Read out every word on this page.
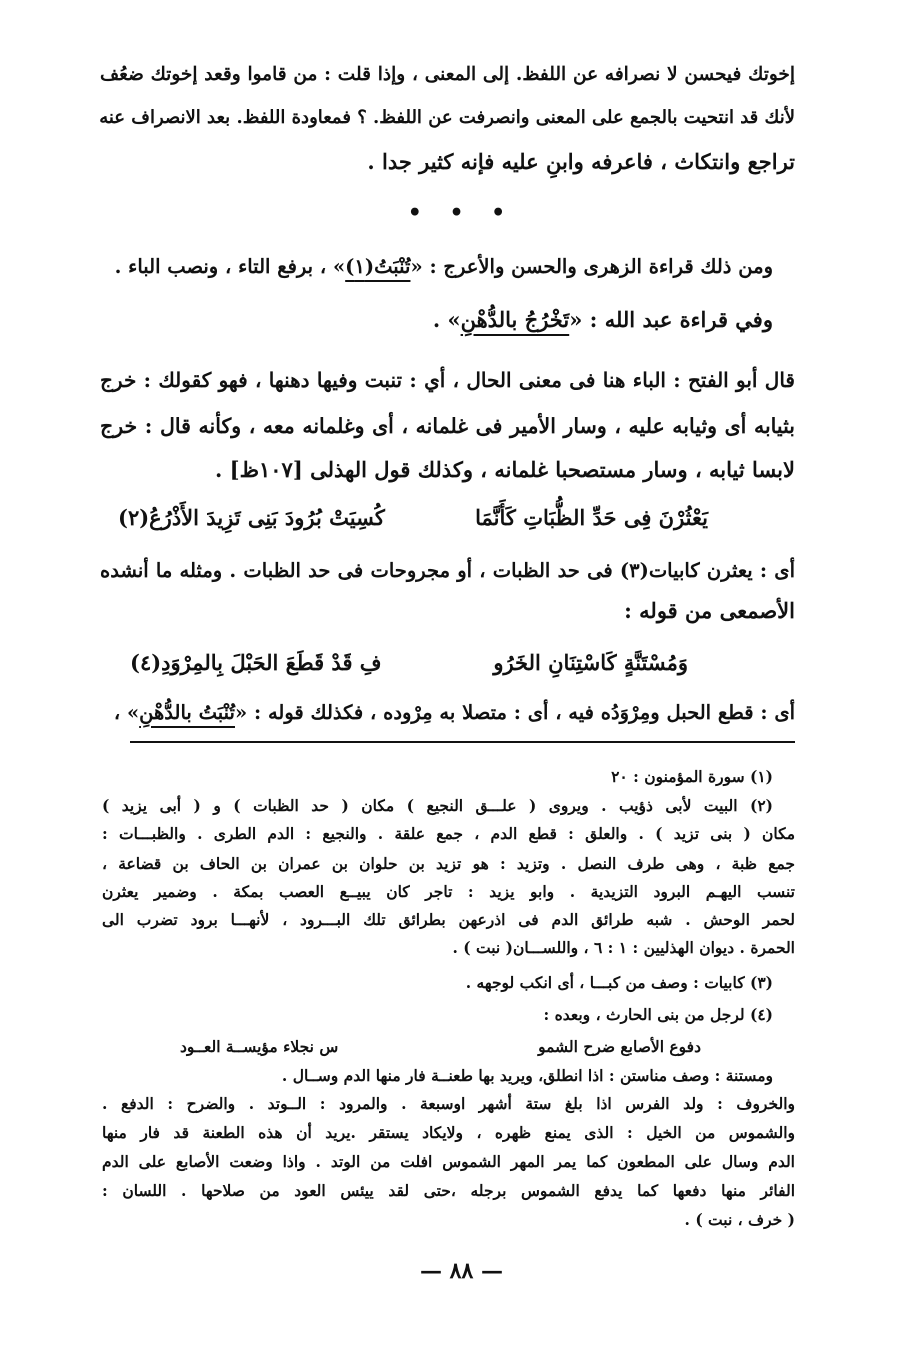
إخوتك فيحسن لا نصرافه عن اللفظ. إلى المعنى ، وإذا قلت : من قاموا وقعد إخوتك ضعُف
لأنك قد انتحيت بالجمع على المعنى وانصرفت عن اللفظ. ؟ فمعاودة اللفظ. بعد الانصراف عنه
تراجع وانتكاث ، فاعرفه وابنِ عليه فإنه كثير جدا .
• • •
ومن ذلك قراءة الزهرى والحسن والأعرج : «تُنْبَتُ(١)» ، برفع التاء ، ونصب الباء .
وفي قراءة عبد الله : «تَخْرُجُ بالدُّهْنِ» .
قال أبو الفتح : الباء هنا فى معنى الحال ، أي : تنبت وفيها دهنها ، فهو كقولك : خرج
بثيابه أى وثيابه عليه ، وسار الأمير فى غلمانه ، أى وغلمانه معه ، وكأنه قال : خرج
لابسا ثيابه ، وسار مستصحبا غلمانه ، وكذلك قول الهذلى [١٠٧ظ] .
يَعْثُرْنَ فِى حَدِّ الظُّبَاتِ كَأَنَّمَا
كُسِيَتْ بُرُودَ بَنِى تَزِيدَ الأَذْرُعُ(٢)
أى : يعثرن كابيات(٣) فى حد الظبات ، أو مجروحات فى حد الظبات . ومثله ما أنشده
الأصمعى من قوله :
وَمُسْتَنَّةٍ كَاسْتِنَانِ الخَرُو
فِ قَدْ قَطَعَ الحَبْلَ بِالمِرْوَدِ(٤)
أى : قطع الحبل ومِرْوَدُه فيه ، أى : متصلا به مِرْوده ، فكذلك قوله : «تُنْبَتُ بالدُّهْنِ» ،
(١) سورة المؤمنون : ٢٠
(٢) البيت لأبى ذؤيب . ويروى ( علـــق النجيع ) مكان ( حد الظبات ) و ( أبى يزيد )
مكان ( بنى تزيد ) . والعلق : قطع الدم ، جمع علقة . والنجيع : الدم الطرى . والظبـــات :
جمع ظبة ، وهى طرف النصل . وتزيد : هو تزيد بن حلوان بن عمران بن الحاف بن قضاعة ،
تنسب اليهـم البرود التزيدية . وابو يزيد : تاجر كان يبيــع العصب بمكة . وضمير يعثرن
لحمر الوحش . شبه طرائق الدم فى اذرعهن بطرائق تلك البـــرود ، لأنهـــا برود تضرب الى
الحمرة . ديوان الهذليين : ١ : ٦ ، واللســـان( نبت ) .
(٣) كابيات : وصف من كبـــا ، أى انكب لوجهه .
(٤) لرجل من بنى الحارث ، وبعده :
دفوع الأصابع ضرح الشمو
س نجلاء مؤيســة العــود
ومستنة : وصف مناستن : اذا انطلق، ويريد بها طعنــة فار منها الدم وســال .
والخروف : ولد الفرس اذا بلغ ستة أشهر اوسبعة . والمرود : الــوتد . والضرح : الدفع .
والشموس من الخيل : الذى يمنع ظهره ، ولايكاد يستقر .يريد أن هذه الطعنة قد فار منها
الدم وسال على المطعون كما يمر المهر الشموس افلت من الوتد . واذا وضعت الأصابع على الدم
الفائر منها دفعها كما يدفع الشموس برجله ،حتى لقد ييئس العود من صلاحها . اللسان :
( خرف ، نبت ) .
— ٨٨ —
